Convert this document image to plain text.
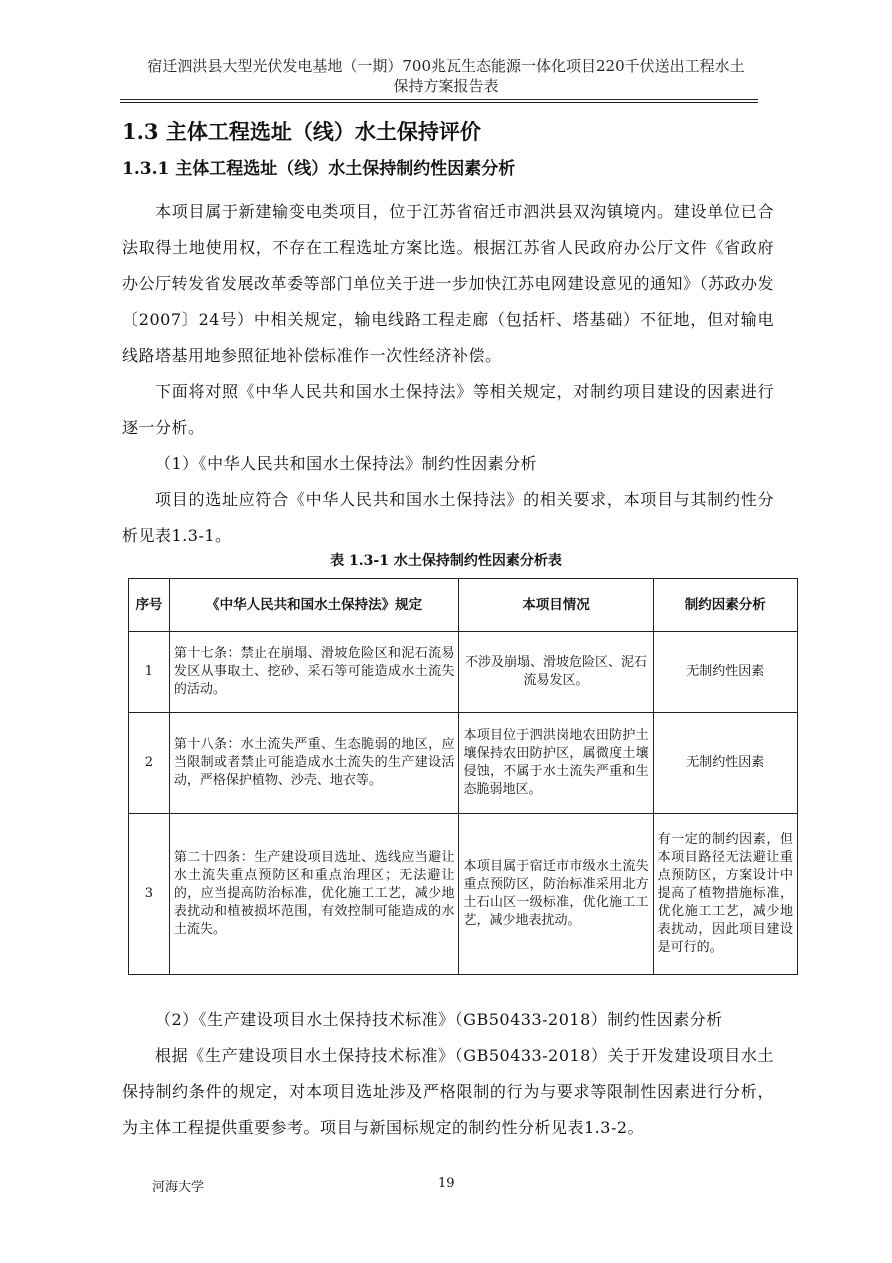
宿迁泗洪县大型光伏发电基地（一期）700兆瓦生态能源一体化项目220千伏送出工程水土
保持方案报告表
1.3 主体工程选址（线）水土保持评价
1.3.1 主体工程选址（线）水土保持制约性因素分析
本项目属于新建输变电类项目，位于江苏省宿迁市泗洪县双沟镇境内。建设单位已合法取得土地使用权，不存在工程选址方案比选。根据江苏省人民政府办公厅文件《省政府办公厅转发省发展改革委等部门单位关于进一步加快江苏电网建设意见的通知》（苏政办发〔2007〕24号）中相关规定，输电线路工程走廊（包括杆、塔基础）不征地，但对输电线路塔基用地参照征地补偿标准作一次性经济补偿。
下面将对照《中华人民共和国水土保持法》等相关规定，对制约项目建设的因素进行逐一分析。
（1）《中华人民共和国水土保持法》制约性因素分析
项目的选址应符合《中华人民共和国水土保持法》的相关要求，本项目与其制约性分析见表1.3-1。
表 1.3-1 水土保持制约性因素分析表
序号	《中华人民共和国水土保持法》规定	本项目情况	制约因素分析
1	第十七条：禁止在崩塌、滑坡危险区和泥石流易发区从事取土、挖砂、采石等可能造成水土流失的活动。	不涉及崩塌、滑坡危险区、泥石流易发区。	无制约性因素
2	第十八条：水土流失严重、生态脆弱的地区，应当限制或者禁止可能造成水土流失的生产建设活动，严格保护植物、沙壳、地衣等。	本项目位于泗洪岗地农田防护土壤保持农田防护区，属微度土壤侵蚀，不属于水土流失严重和生态脆弱地区。	无制约性因素
3	第二十四条：生产建设项目选址、选线应当避让水土流失重点预防区和重点治理区；无法避让的，应当提高防治标准，优化施工工艺，减少地表扰动和植被损坏范围，有效控制可能造成的水土流失。	本项目属于宿迁市市级水土流失重点预防区，防治标准采用北方土石山区一级标准，优化施工工艺，减少地表扰动。	有一定的制约因素，但本项目路径无法避让重点预防区，方案设计中提高了植物措施标准，优化施工工艺，减少地表扰动，因此项目建设是可行的。
（2）《生产建设项目水土保持技术标准》（GB50433-2018）制约性因素分析
根据《生产建设项目水土保持技术标准》（GB50433-2018）关于开发建设项目水土保持制约条件的规定，对本项目选址涉及严格限制的行为与要求等限制性因素进行分析，为主体工程提供重要参考。项目与新国标规定的制约性分析见表1.3-2。
河海大学	19
